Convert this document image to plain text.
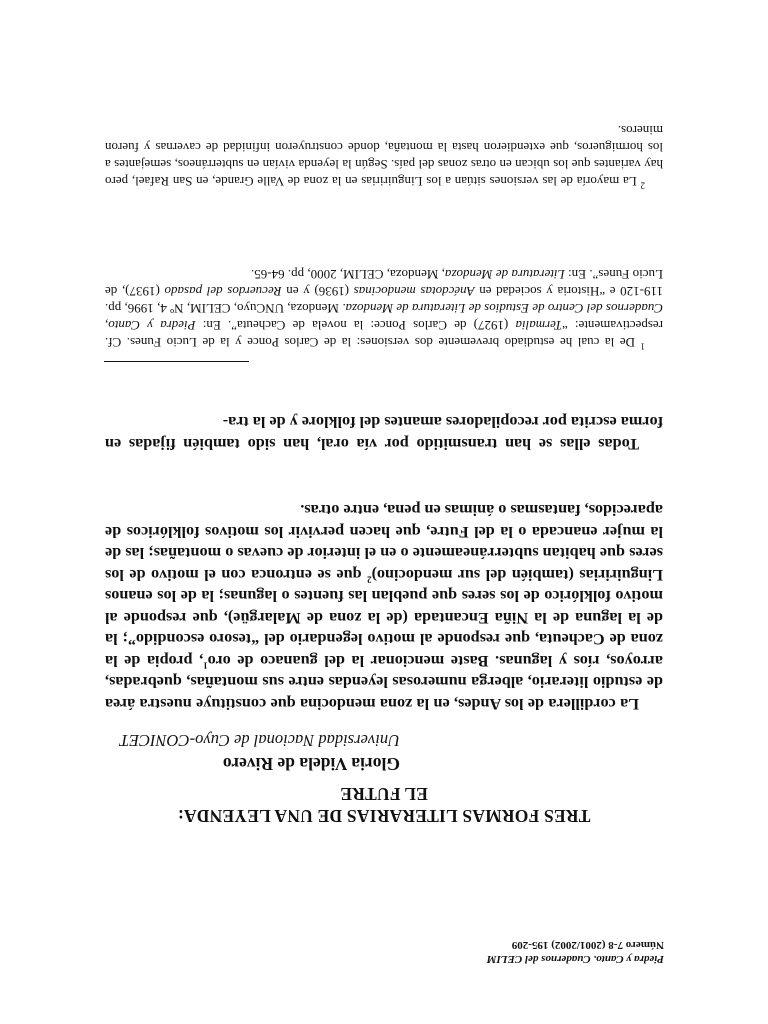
Piedra y Canto. Cuadernos del CELIM
Número 7-8 (2001/2002) 195-209
TRES FORMAS LITERARIAS DE UNA LEYENDA:
EL FUTRE
Gloria Videla de Rivero
Universidad Nacional de Cuyo-CONICET

La cordillera de los Andes, en la zona mendocina que constituye nuestra área de estudio literario, alberga numerosas leyendas entre sus montañas, quebradas, arroyos, ríos y lagunas. Baste mencionar la del guanaco de oro$^1$, propia de la zona de Cacheuta, que responde al motivo legendario del “tesoro escondido”; la de la laguna de la Niña Encantada (de la zona de Malargüe), que responde al motivo folklórico de los seres que pueblan las fuentes o lagunas; la de los enanos Linguiririas (también del sur mendocino)$^2$ que se entronca con el motivo de los seres que habitan subterráneamente o en el interior de cuevas o montañas; las de la mujer enancada o la del Futre, que hacen pervivir los motivos folklóricos de aparecidos, fantasmas o ánimas en pena, entre otras.

Todas ellas se han transmitido por vía oral, han sido también fijadas en forma escrita por recopiladores amantes del folklore y de la tra-

$^1$ De la cual he estudiado brevemente dos versiones: la de Carlos Ponce y la de Lucio Funes. Cf. respectivamente: “Termalia (1927) de Carlos Ponce: la novela de Cacheuta”. En: Piedra y Canto, Cuadernos del Centro de Estudios de Literatura de Mendoza. Mendoza, UNCuyo, CELIM, Nº 4, 1996, pp. 119-120 e “Historia y sociedad en Anécdotas mendocinas (1936) y en Recuerdos del pasado (1937), de Lucio Funes”. En: Literatura de Mendoza, Mendoza, CELIM, 2000, pp. 64-65.

$^2$ La mayoría de las versiones sitúan a los Linguiririas en la zona de Valle Grande, en San Rafael, pero hay variantes que los ubican en otras zonas del país. Según la leyenda vivían en subterráneos, semejantes a los hormigueros, que extendieron hasta la montaña, donde construyeron infinidad de cavernas y fueron mineros.
